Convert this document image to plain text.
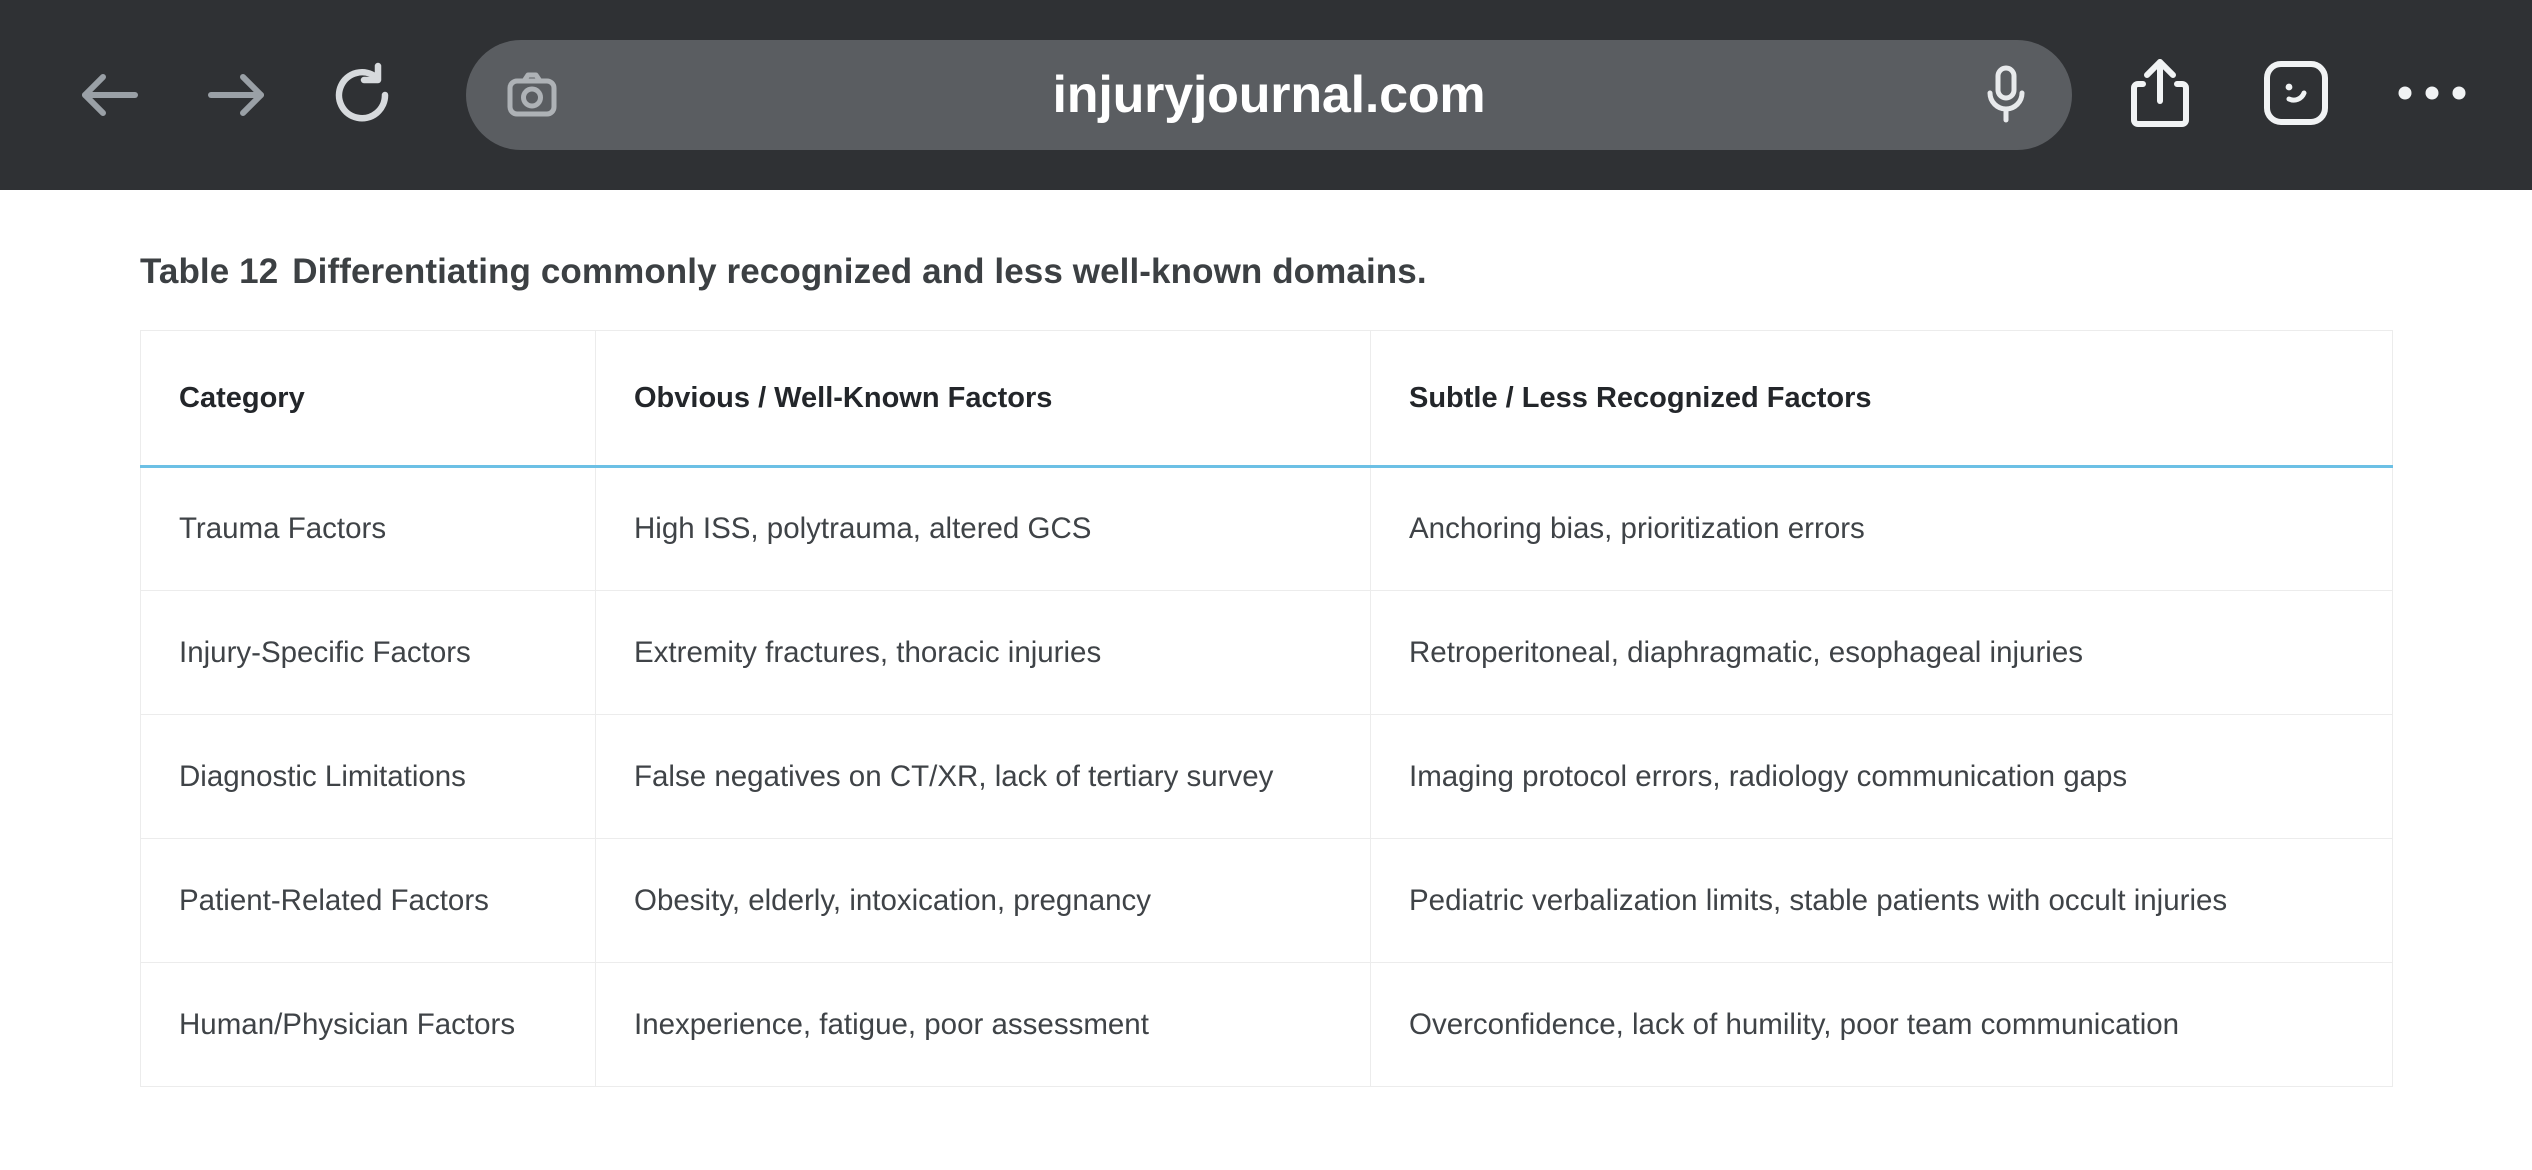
injuryjournal.com
Table 12 Differentiating commonly recognized and less well-known domains.
Category	Obvious / Well-Known Factors	Subtle / Less Recognized Factors
Trauma Factors	High ISS, polytrauma, altered GCS	Anchoring bias, prioritization errors
Injury-Specific Factors	Extremity fractures, thoracic injuries	Retroperitoneal, diaphragmatic, esophageal injuries
Diagnostic Limitations	False negatives on CT/XR, lack of tertiary survey	Imaging protocol errors, radiology communication gaps
Patient-Related Factors	Obesity, elderly, intoxication, pregnancy	Pediatric verbalization limits, stable patients with occult injuries
Human/Physician Factors	Inexperience, fatigue, poor assessment	Overconfidence, lack of humility, poor team communication
